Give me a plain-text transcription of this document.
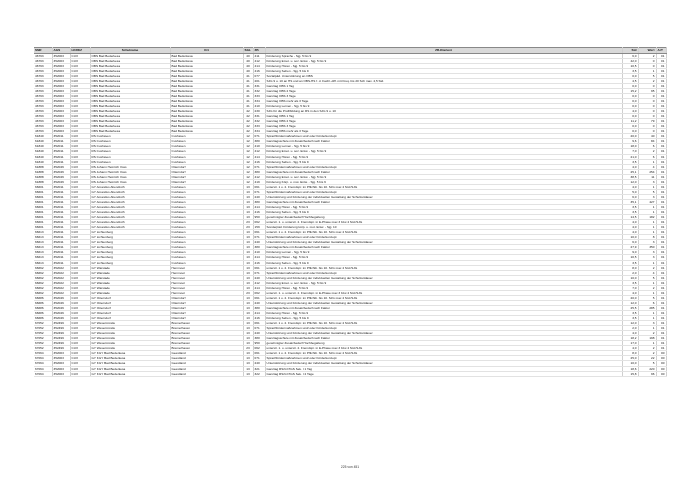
SNR	AGS	LKRKZ	Schulname	Ort	SGL	ZB	ZB-Klartext	Std	Wert	ArT
46793	352003	CUX	OBS Bad Bederkesa	Bad Bederkesa	40	411	Förderung Sprache - Sjg. 5 bis 9	6,0	2	01
46793	352003	CUX	OBS Bad Bederkesa	Bad Bederkesa	40	412	Förderung Emot. u. soz. Entw. - Sjg. 5 bis 9	42,0	0	01
46793	352003	CUX	OBS Bad Bederkesa	Bad Bederkesa	40	414	Förderung Hören - Sjg. 5 bis 9	10,5	0	01
46793	352003	CUX	OBS Bad Bederkesa	Bad Bederkesa	40	416	Förderung Sehen - Sjg. 5 bis 9	3,5	1	01
46793	352003	CUX	OBS Bad Bederkesa	Bad Bederkesa	41	077	Sozialpäd. Unterstützung an OBS	0,0	5	01
46793	352003	CUX	OBS Bad Bederkesa	Bad Bederkesa	41	201	SJG 9 u. 10 an HS und an OBS-HS f. d. Fachl.-diff. mit Freq. bis 20 Sch max. 4,5 Std.	4,5	2	01
46793	352003	CUX	OBS Bad Bederkesa	Bad Bederkesa	41	331	Ganztag OBS 1 Tag	0,0	0	01
46793	352003	CUX	OBS Bad Bederkesa	Bad Bederkesa	41	332	Ganztag OBS 2 Tage	15,2	95	01
46793	352003	CUX	OBS Bad Bederkesa	Bad Bederkesa	41	333	Ganztag OBS 3 Tage	0,0	0	01
46793	352003	CUX	OBS Bad Bederkesa	Bad Bederkesa	41	334	Ganztag OBS mehr als 3 Tage	0,0	0	01
46793	352003	CUX	OBS Bad Bederkesa	Bad Bederkesa	41	410	Förderung Lernen - Sjg. 5 bis 9	0,0	0	01
46793	352003	CUX	OBS Bad Bederkesa	Bad Bederkesa	42	230	SJG für die Profilbildung an RS in den SJG 9 u. 10	4,0	0	01
46793	352003	CUX	OBS Bad Bederkesa	Bad Bederkesa	42	331	Ganztag OBS 1 Tag	0,0	0	01
46793	352003	CUX	OBS Bad Bederkesa	Bad Bederkesa	42	332	Ganztag OBS 2 Tage	11,2	79	01
46793	352003	CUX	OBS Bad Bederkesa	Bad Bederkesa	42	333	Ganztag OBS 3 Tage	0,0	0	01
46793	352003	CUX	OBS Bad Bederkesa	Bad Bederkesa	42	334	Ganztag OBS mehr als 3 Tage	0,0	0	01
61840	352011	CUX	RS Cuxhaven	Cuxhaven	12	071	Sprachfördermaßnahmen und/ oder Förderkonzept	20,0	40	01
61840	352011	CUX	RS Cuxhaven	Cuxhaven	12	380	Ganztagsschule mit Zusatzbedarf nach Faktor	9,6	84	01
61840	352011	CUX	RS Cuxhaven	Cuxhaven	12	410	Förderung Lernen - Sjg. 5 bis 9	18,0	6	01
61840	352011	CUX	RS Cuxhaven	Cuxhaven	12	412	Förderung Emot. u. soz. Entw. - Sjg. 5 bis 9	7,0	2	01
61840	352011	CUX	RS Cuxhaven	Cuxhaven	12	414	Förderung Hören - Sjg. 5 bis 9	21,0	6	01
61840	352011	CUX	RS Cuxhaven	Cuxhaven	12	416	Förderung Sehen - Sjg. 5 bis 9	3,5	1	01
61888	352046	CUX	RS Johann Heinrich Voss	Otterndorf	12	071	Sprachfördermaßnahmen und/ oder Förderkonzept	4,0	4	01
61888	352046	CUX	RS Johann Heinrich Voss	Otterndorf	12	380	Ganztagsschule mit Zusatzbedarf nach Faktor	25,1	254	01
61888	352046	CUX	RS Johann Heinrich Voss	Otterndorf	12	412	Förderung Emot. u. soz. Entw. - Sjg. 5 bis 9	38,5	11	01
61888	352046	CUX	RS Johann Heinrich Voss	Otterndorf	12	419	Förderung Körp. u. mot. Entw. - Sjg. 5 bis 9	12,0	3	01
66601	352011	CUX	GY Amandus Abendroth	Cuxhaven	13	061	unterstr. 1 o. 2. Fremdspr. im Pflichtb. bis 10. SJG max 4 Std./SJG	4,0	1	01
66601	352011	CUX	GY Amandus Abendroth	Cuxhaven	13	071	Sprachfördermaßnahmen und/ oder Förderkonzept	5,0	5	01
66601	352011	CUX	GY Amandus Abendroth	Cuxhaven	13	240	Unterstützung und Förderung der individuellen Gestaltung der Schulzeitdauer	6,0	3	01
66601	352011	CUX	GY Amandus Abendroth	Cuxhaven	13	380	Ganztagsschule mit Zusatzbedarf nach Faktor	35,1	427	01
66601	352011	CUX	GY Amandus Abendroth	Cuxhaven	13	414	Förderung Hören - Sjg. 5 bis 9	3,5	1	01
66601	352011	CUX	GY Amandus Abendroth	Cuxhaven	13	416	Förderung Sehen - Sjg. 5 bis 9	3,5	1	01
66601	352011	CUX	GY Amandus Abendroth	Cuxhaven	13	950	genehmigter Zusatzbedarf Hochbegabung	14,5	182	01
66601	352011	CUX	GY Amandus Abendroth	Cuxhaven	23	062	unterstr. 1. o. unterstr. 2. Fremdspr. in E-Phase max 3 bzw 4 Std./SJG	4,0	1	01
66601	352011	CUX	GY Amandus Abendroth	Cuxhaven	23	159	Sonderpäd. Förderung körp. u. mot. Entw. - Sjg. 10	4,0	1	01
66613	352011	CUX	GY Lichtenberg	Cuxhaven	13	061	unterstr. 1 o. 2. Fremdspr. im Pflichtb. bis 10. SJG max 4 Std./SJG	4,0	1	01
66613	352011	CUX	GY Lichtenberg	Cuxhaven	13	071	Sprachfördermaßnahmen und/ oder Förderkonzept	10,0	8	01
66613	352011	CUX	GY Lichtenberg	Cuxhaven	13	240	Unterstützung und Förderung der individuellen Gestaltung der Schulzeitdauer	6,0	3	01
66613	352011	CUX	GY Lichtenberg	Cuxhaven	13	380	Ganztagsschule mit Zusatzbedarf nach Faktor	27,9	350	01
66613	352011	CUX	GY Lichtenberg	Cuxhaven	13	410	Förderung Lernen - Sjg. 5 bis 9	9,0	3	01
66613	352011	CUX	GY Lichtenberg	Cuxhaven	13	414	Förderung Hören - Sjg. 5 bis 9	10,5	3	01
66613	352011	CUX	GY Lichtenberg	Cuxhaven	13	416	Förderung Sehen - Sjg. 5 bis 9	3,5	1	01
66662	352022	CUX	GY Warstade	Hemmoor	13	061	unterstr. 1 o. 2. Fremdspr. im Pflichtb. bis 10. SJG max 4 Std./SJG	8,0	2	01
66662	352022	CUX	GY Warstade	Hemmoor	13	071	Sprachfördermaßnahmen und/ oder Förderkonzept	2,0	4	01
66662	352022	CUX	GY Warstade	Hemmoor	13	240	Unterstützung und Förderung der individuellen Gestaltung der Schulzeitdauer	10,0	5	01
66662	352022	CUX	GY Warstade	Hemmoor	13	412	Förderung Emot. u. soz. Entw. - Sjg. 5 bis 9	3,5	1	01
66662	352022	CUX	GY Warstade	Hemmoor	13	414	Förderung Hören - Sjg. 5 bis 9	7,0	2	01
66662	352022	CUX	GY Warstade	Hemmoor	23	062	unterstr. 1. o. unterstr. 2. Fremdspr. in E-Phase max 3 bzw 4 Std./SJG	4,0	1	01
66686	352046	CUX	GY Otterndorf	Otterndorf	13	061	unterstr. 1 o. 2. Fremdspr. im Pflichtb. bis 10. SJG max 4 Std./SJG	20,0	5	01
66686	352046	CUX	GY Otterndorf	Otterndorf	13	240	Unterstützung und Förderung der individuellen Gestaltung der Schulzeitdauer	12,0	6	01
66686	352046	CUX	GY Otterndorf	Otterndorf	13	380	Ganztagsschule mit Zusatzbedarf nach Faktor	25,5	285	01
66686	352046	CUX	GY Otterndorf	Otterndorf	13	414	Förderung Hören - Sjg. 5 bis 9	3,5	1	01
66686	352046	CUX	GY Otterndorf	Otterndorf	13	416	Förderung Sehen - Sjg. 5 bis 9	3,5	1	01
67052	352499	CUX	GY Wesermünde	Bremerhaven	13	061	unterstr. 1 o. 2. Fremdspr. im Pflichtb. bis 10. SJG max 4 Std./SJG	12,0	3	01
67052	352499	CUX	GY Wesermünde	Bremerhaven	13	071	Sprachfördermaßnahmen und/ oder Förderkonzept	2,0	1	01
67052	352499	CUX	GY Wesermünde	Bremerhaven	13	240	Unterstützung und Förderung der individuellen Gestaltung der Schulzeitdauer	4,0	2	01
67052	352499	CUX	GY Wesermünde	Bremerhaven	13	380	Ganztagsschule mit Zusatzbedarf nach Faktor	18,2	198	01
67052	352499	CUX	GY Wesermünde	Bremerhaven	13	950	genehmigter Zusatzbedarf Hochbegabung	17,0	1	01
67052	352499	CUX	GY Wesermünde	Bremerhaven	23	062	unterstr. 1. o. unterstr. 2. Fremdspr. in E-Phase max 3 bzw 4 Std./SJG	4,0	2	01
67064	352003	CUX	GY KGY Bad Bederkesa	Geestland	13	061	unterstr. 1 o. 2. Fremdspr. im Pflichtb. bis 10. SJG max 4 Std./SJG	8,0	2	00
67064	352003	CUX	GY KGY Bad Bederkesa	Geestland	13	071	Sprachfördermaßnahmen und/ oder Förderkonzept	25,0	22	00
67064	352003	CUX	GY KGY Bad Bederkesa	Geestland	13	240	Unterstützung und Förderung der individuellen Gestaltung der Schulzeitdauer	10,0	5	00
67064	352003	CUX	GY KGY Bad Bederkesa	Geestland	13	321	Ganztag RS/GY/IGS Sek. I 1 Tag	18,6	220	00
67064	352003	CUX	GY KGY Bad Bederkesa	Geestland	13	322	Ganztag RS/GY/IGS Sek. I 2 Tage	15,8	96	00
225 von 451
